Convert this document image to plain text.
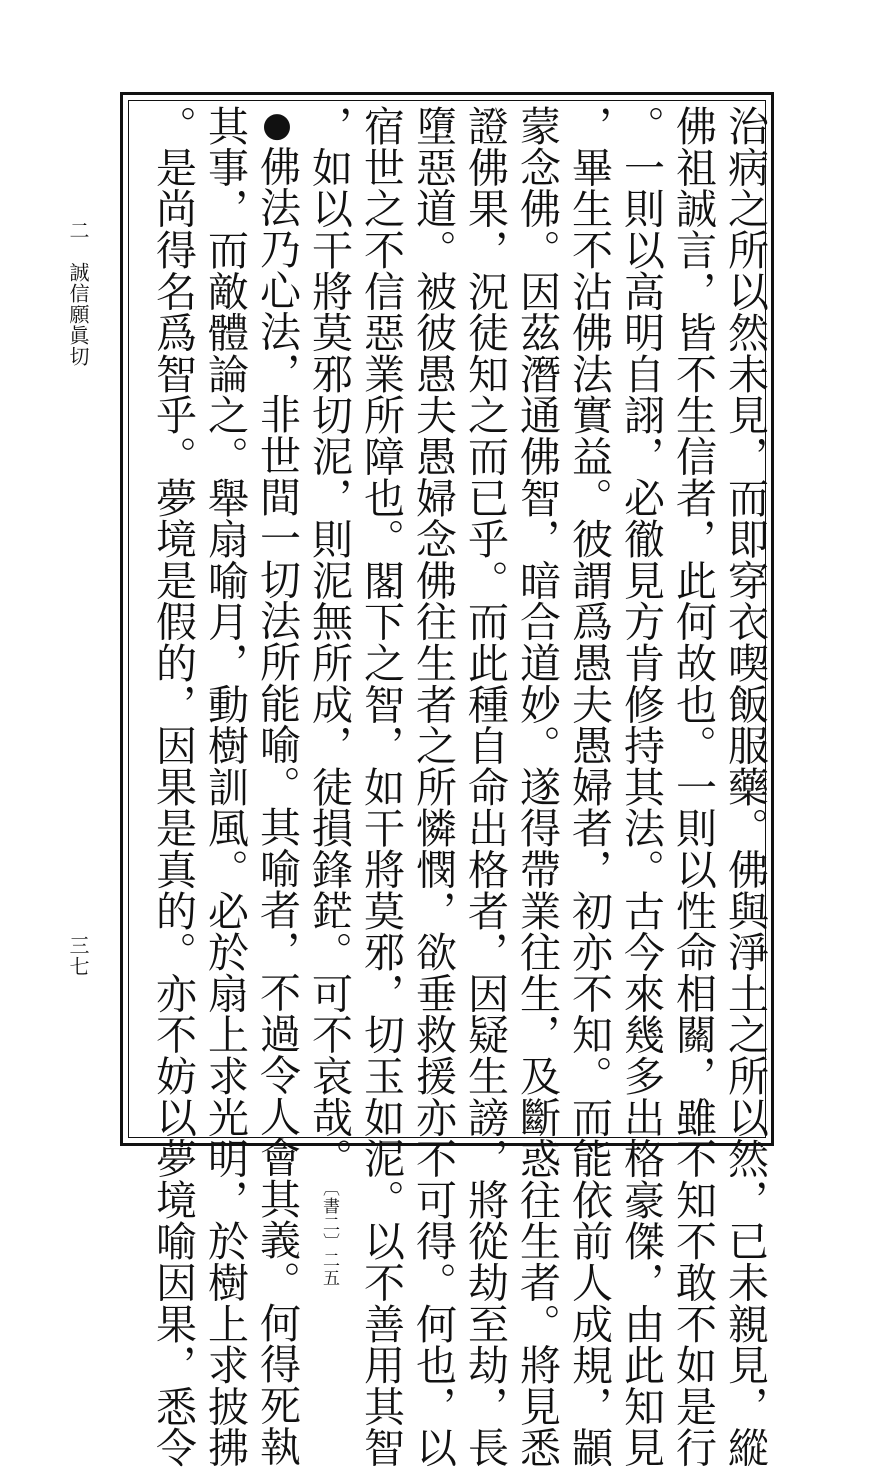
二　誠信願眞切
三七	治病之所以然未見，而即穿衣喫飯服藥。佛與淨土之所以然，已未親見，縱
佛祖誠言，皆不生信者，此何故也。一則以性命相關，雖不知不敢不如是行
。一則以高明自詡，必徹見方肯修持其法。古今來幾多出格豪傑，由此知見
，畢生不沾佛法實益。彼謂爲愚夫愚婦者，初亦不知。而能依前人成規，顓
蒙念佛。因茲潛通佛智，暗合道妙。遂得帶業往生，及斷惑往生者。將見悉
證佛果，況徒知之而已乎。而此種自命出格者，因疑生謗，將從劫至劫，長
墮惡道。被彼愚夫愚婦念佛往生者之所憐憫，欲垂救援亦不可得。何也，以
宿世之不信惡業所障也。閣下之智，如干將莫邪，切玉如泥。以不善用其智
，如以干將莫邪切泥，則泥無所成，徒損鋒鋩。可不哀哉。〔書二〕二五
●佛法乃心法，非世間一切法所能喻。其喻者，不過令人會其義。何得死執
其事，而敵體論之。舉扇喻月，動樹訓風。必於扇上求光明，於樹上求披拂
。是尚得名爲智乎。夢境是假的，因果是真的。亦不妨以夢境喻因果，悉令
